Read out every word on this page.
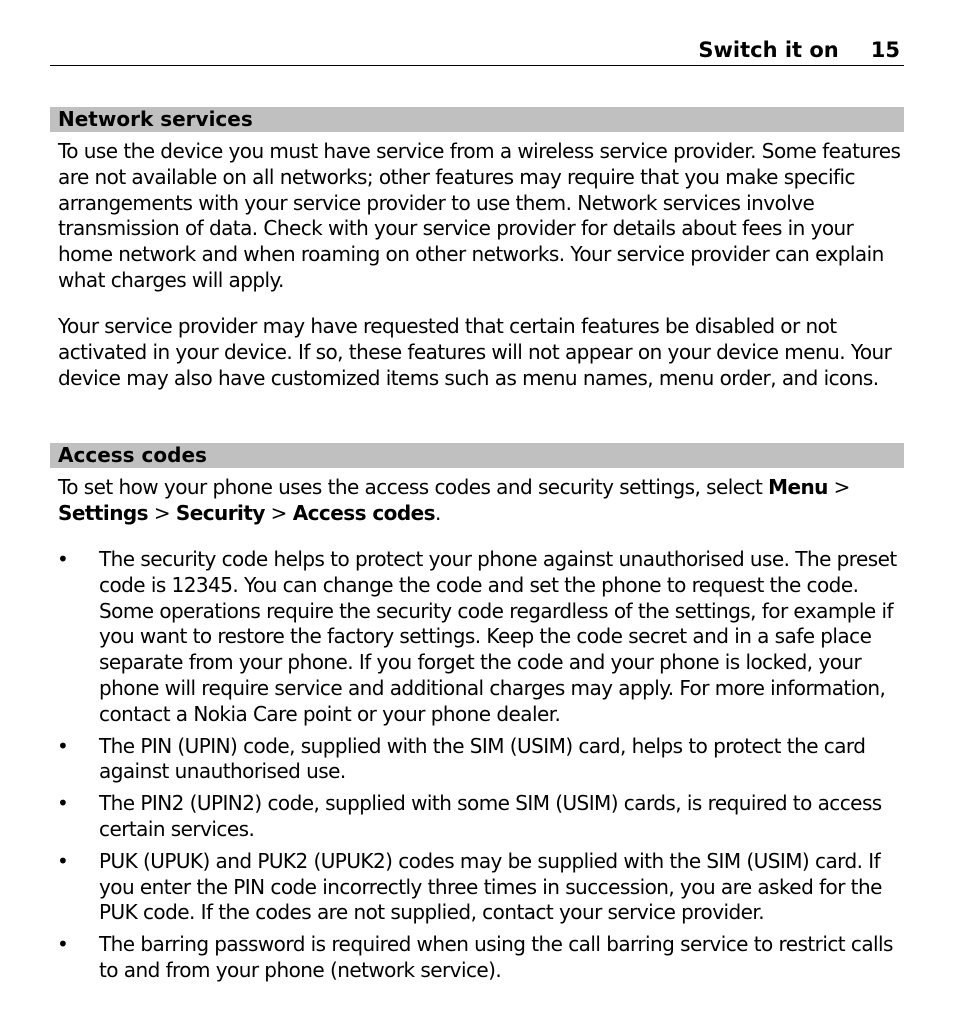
Switch it on 15
Network services

To use the device you must have service from a wireless service provider. Some features are not available on all networks; other features may require that you make specific arrangements with your service provider to use them. Network services involve transmission of data. Check with your service provider for details about fees in your home network and when roaming on other networks. Your service provider can explain what charges will apply.

Your service provider may have requested that certain features be disabled or not activated in your device. If so, these features will not appear on your device menu. Your device may also have customized items such as menu names, menu order, and icons.

Access codes

To set how your phone uses the access codes and security settings, select Menu > Settings > Security > Access codes.

• The security code helps to protect your phone against unauthorised use. The preset code is 12345. You can change the code and set the phone to request the code. Some operations require the security code regardless of the settings, for example if you want to restore the factory settings. Keep the code secret and in a safe place separate from your phone. If you forget the code and your phone is locked, your phone will require service and additional charges may apply. For more information, contact a Nokia Care point or your phone dealer.
• The PIN (UPIN) code, supplied with the SIM (USIM) card, helps to protect the card against unauthorised use.
• The PIN2 (UPIN2) code, supplied with some SIM (USIM) cards, is required to access certain services.
• PUK (UPUK) and PUK2 (UPUK2) codes may be supplied with the SIM (USIM) card. If you enter the PIN code incorrectly three times in succession, you are asked for the PUK code. If the codes are not supplied, contact your service provider.
• The barring password is required when using the call barring service to restrict calls to and from your phone (network service).
